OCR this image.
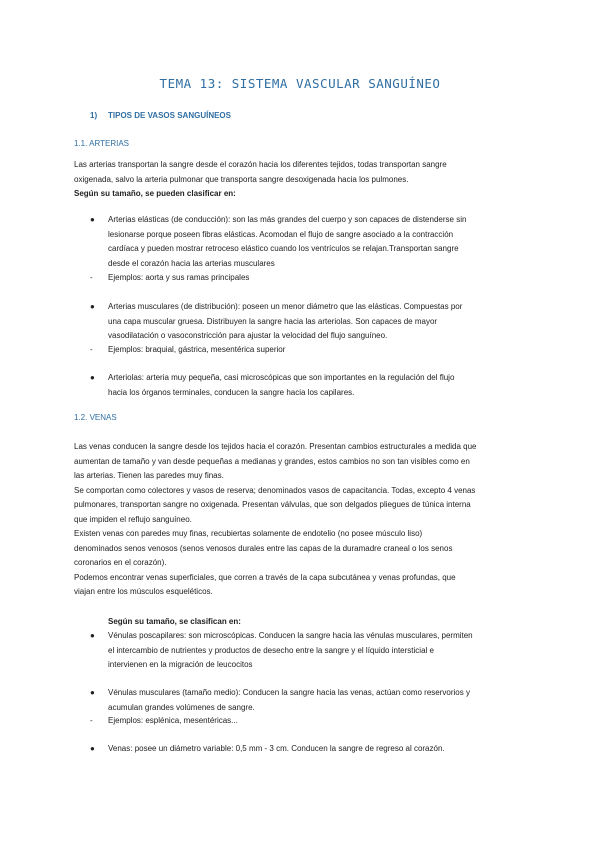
TEMA 13: SISTEMA VASCULAR SANGUÍNEO
1) TIPOS DE VASOS SANGUÍNEOS
1.1. ARTERIAS
Las arterias transportan la sangre desde el corazón hacia los diferentes tejidos, todas transportan sangre
oxigenada, salvo la arteria pulmonar que transporta sangre desoxigenada hacia los pulmones.
Según su tamaño, se pueden clasificar en:
● Arterias elásticas (de conducción): son las más grandes del cuerpo y son capaces de distenderse sin
lesionarse porque poseen fibras elásticas. Acomodan el flujo de sangre asociado a la contracción
cardíaca y pueden mostrar retroceso elástico cuando los ventrículos se relajan.Transportan sangre
desde el corazón hacia las arterias musculares
- Ejemplos: aorta y sus ramas principales
● Arterias musculares (de distribución): poseen un menor diámetro que las elásticas. Compuestas por
una capa muscular gruesa. Distribuyen la sangre hacia las arteriolas. Son capaces de mayor
vasodilatación o vasoconstricción para ajustar la velocidad del flujo sanguíneo.
- Ejemplos: braquial, gástrica, mesentérica superior
● Arteriolas: arteria muy pequeña, casi microscópicas que son importantes en la regulación del flujo
hacia los órganos terminales, conducen la sangre hacia los capilares.
1.2. VENAS
Las venas conducen la sangre desde los tejidos hacia el corazón. Presentan cambios estructurales a medida que
aumentan de tamaño y van desde pequeñas a medianas y grandes, estos cambios no son tan visibles como en
las arterias. Tienen las paredes muy finas.
Se comportan como colectores y vasos de reserva; denominados vasos de capacitancia. Todas, excepto 4 venas
pulmonares, transportan sangre no oxigenada. Presentan válvulas, que son delgados pliegues de túnica interna
que impiden el reflujo sanguíneo.
Existen venas con paredes muy finas, recubiertas solamente de endotelio (no posee músculo liso)
denominados senos venosos (senos venosos durales entre las capas de la duramadre craneal o los senos
coronarios en el corazón).
Podemos encontrar venas superficiales, que corren a través de la capa subcutánea y venas profundas, que
viajan entre los músculos esqueléticos.
Según su tamaño, se clasifican en:
● Vénulas poscapilares: son microscópicas. Conducen la sangre hacia las vénulas musculares, permiten
el intercambio de nutrientes y productos de desecho entre la sangre y el líquido intersticial e
intervienen en la migración de leucocitos
● Vénulas musculares (tamaño medio): Conducen la sangre hacia las venas, actúan como reservorios y
acumulan grandes volúmenes de sangre.
- Ejemplos: esplénica, mesentéricas...
● Venas: posee un diámetro variable: 0,5 mm - 3 cm. Conducen la sangre de regreso al corazón.
